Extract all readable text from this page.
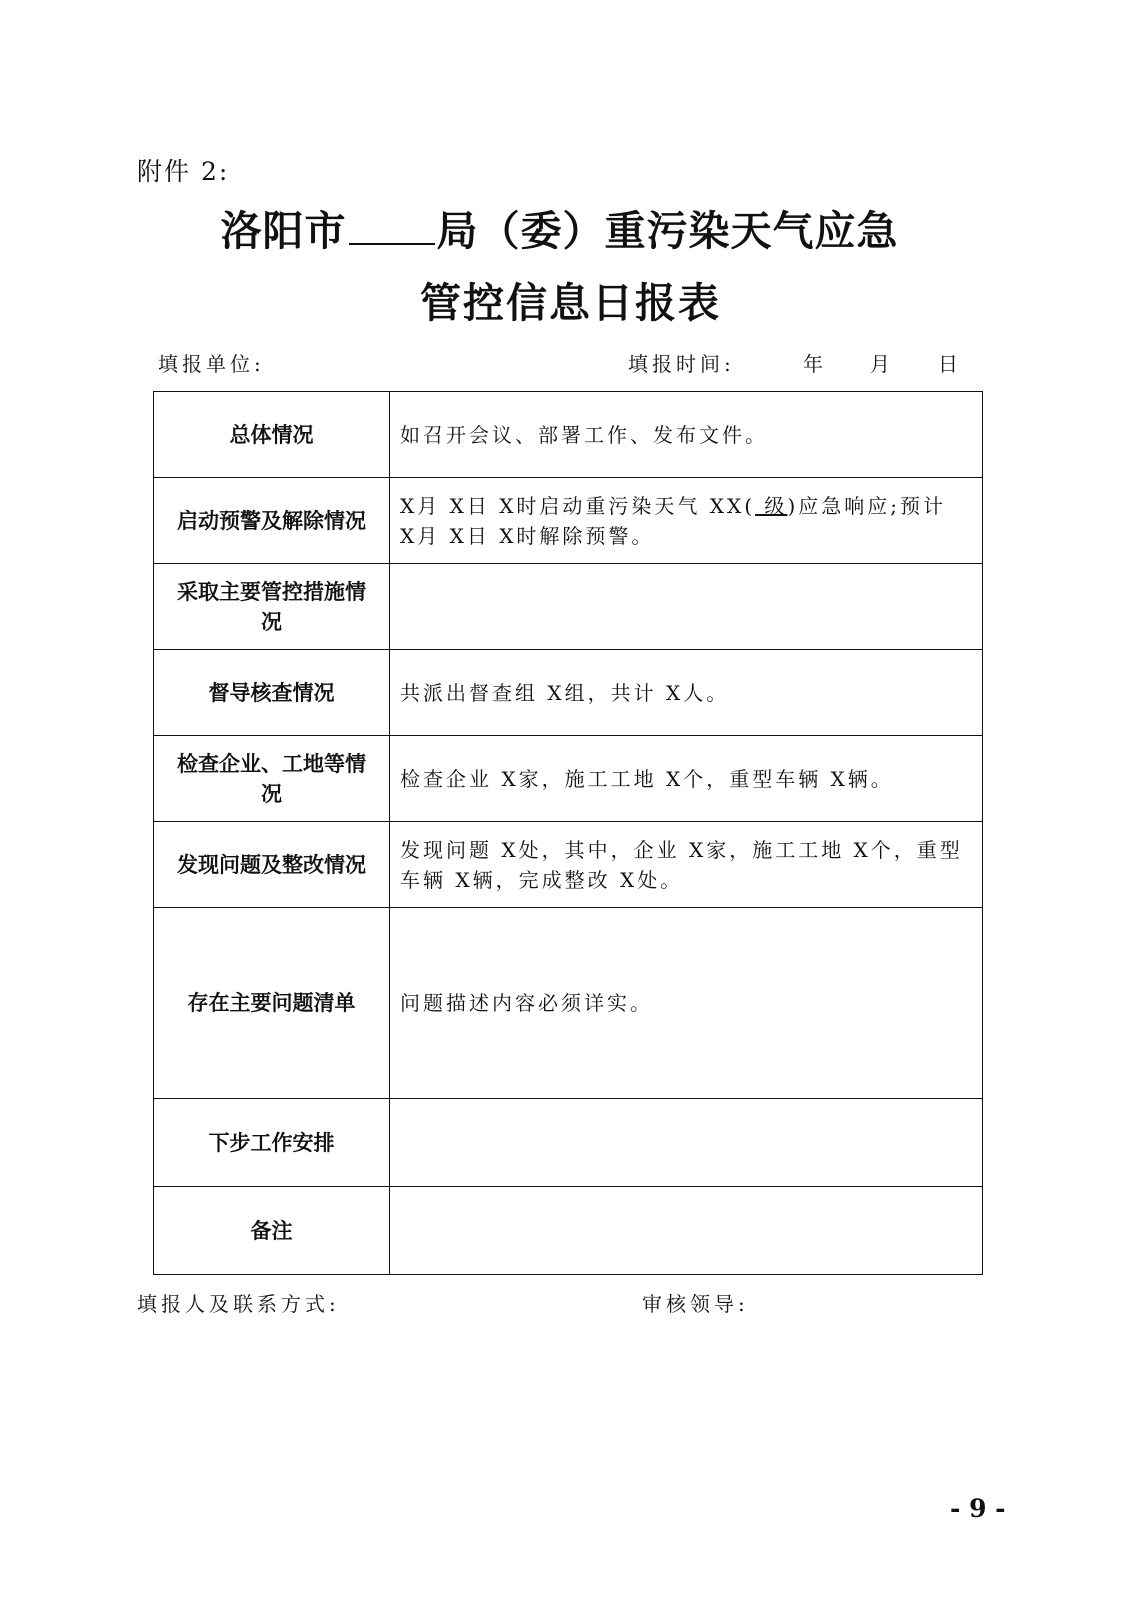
附件 2:
洛阳市 局（委）重污染天气应急
管控信息日报表
填报单位:	填报时间:	年 月 日
总体情况	如召开会议、部署工作、发布文件。
启动预警及解除情况	X月 X日 X时启动重污染天气 XX( 级)应急响应;预计 X月 X日 X时解除预警。
采取主要管控措施情况	
督导核查情况	共派出督查组 X组，共计 X人。
检查企业、工地等情况	检查企业 X家，施工工地 X个，重型车辆 X辆。
发现问题及整改情况	发现问题 X处，其中，企业 X家，施工工地 X个，重型车辆 X辆，完成整改 X处。
存在主要问题清单	问题描述内容必须详实。
下步工作安排	
备注	
填报人及联系方式:	审核领导:
- 9 -
